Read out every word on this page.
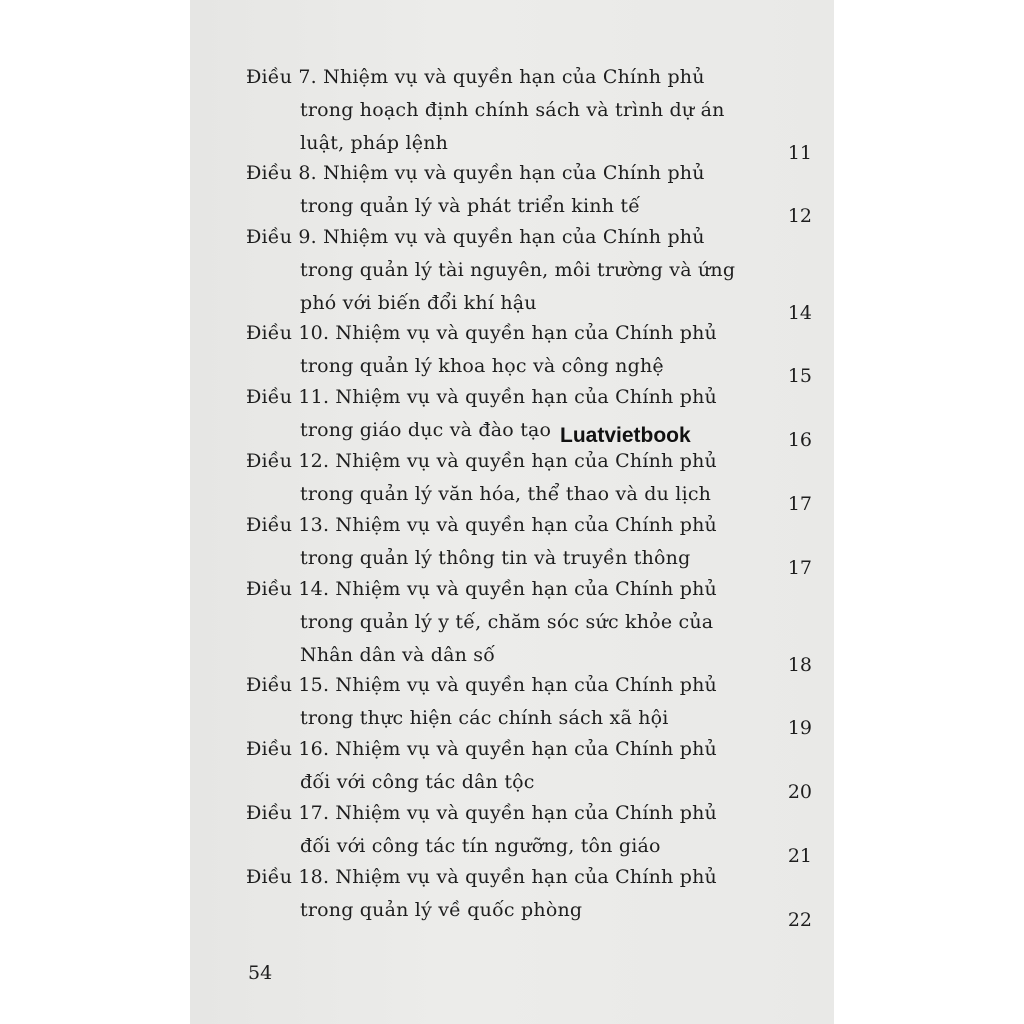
Điều 7. Nhiệm vụ và quyền hạn của Chính phủ
trong hoạch định chính sách và trình dự án
luật, pháp lệnh	11
Điều 8. Nhiệm vụ và quyền hạn của Chính phủ
trong quản lý và phát triển kinh tế	12
Điều 9. Nhiệm vụ và quyền hạn của Chính phủ
trong quản lý tài nguyên, môi trường và ứng
phó với biến đổi khí hậu	14
Điều 10. Nhiệm vụ và quyền hạn của Chính phủ
trong quản lý khoa học và công nghệ	15
Điều 11. Nhiệm vụ và quyền hạn của Chính phủ
trong giáo dục và đào tạo	16
Điều 12. Nhiệm vụ và quyền hạn của Chính phủ
trong quản lý văn hóa, thể thao và du lịch	17
Điều 13. Nhiệm vụ và quyền hạn của Chính phủ
trong quản lý thông tin và truyền thông	17
Điều 14. Nhiệm vụ và quyền hạn của Chính phủ
trong quản lý y tế, chăm sóc sức khỏe của
Nhân dân và dân số	18
Điều 15. Nhiệm vụ và quyền hạn của Chính phủ
trong thực hiện các chính sách xã hội	19
Điều 16. Nhiệm vụ và quyền hạn của Chính phủ
đối với công tác dân tộc	20
Điều 17. Nhiệm vụ và quyền hạn của Chính phủ
đối với công tác tín ngưỡng, tôn giáo	21
Điều 18. Nhiệm vụ và quyền hạn của Chính phủ
trong quản lý về quốc phòng	22
Luatvietbook
54
